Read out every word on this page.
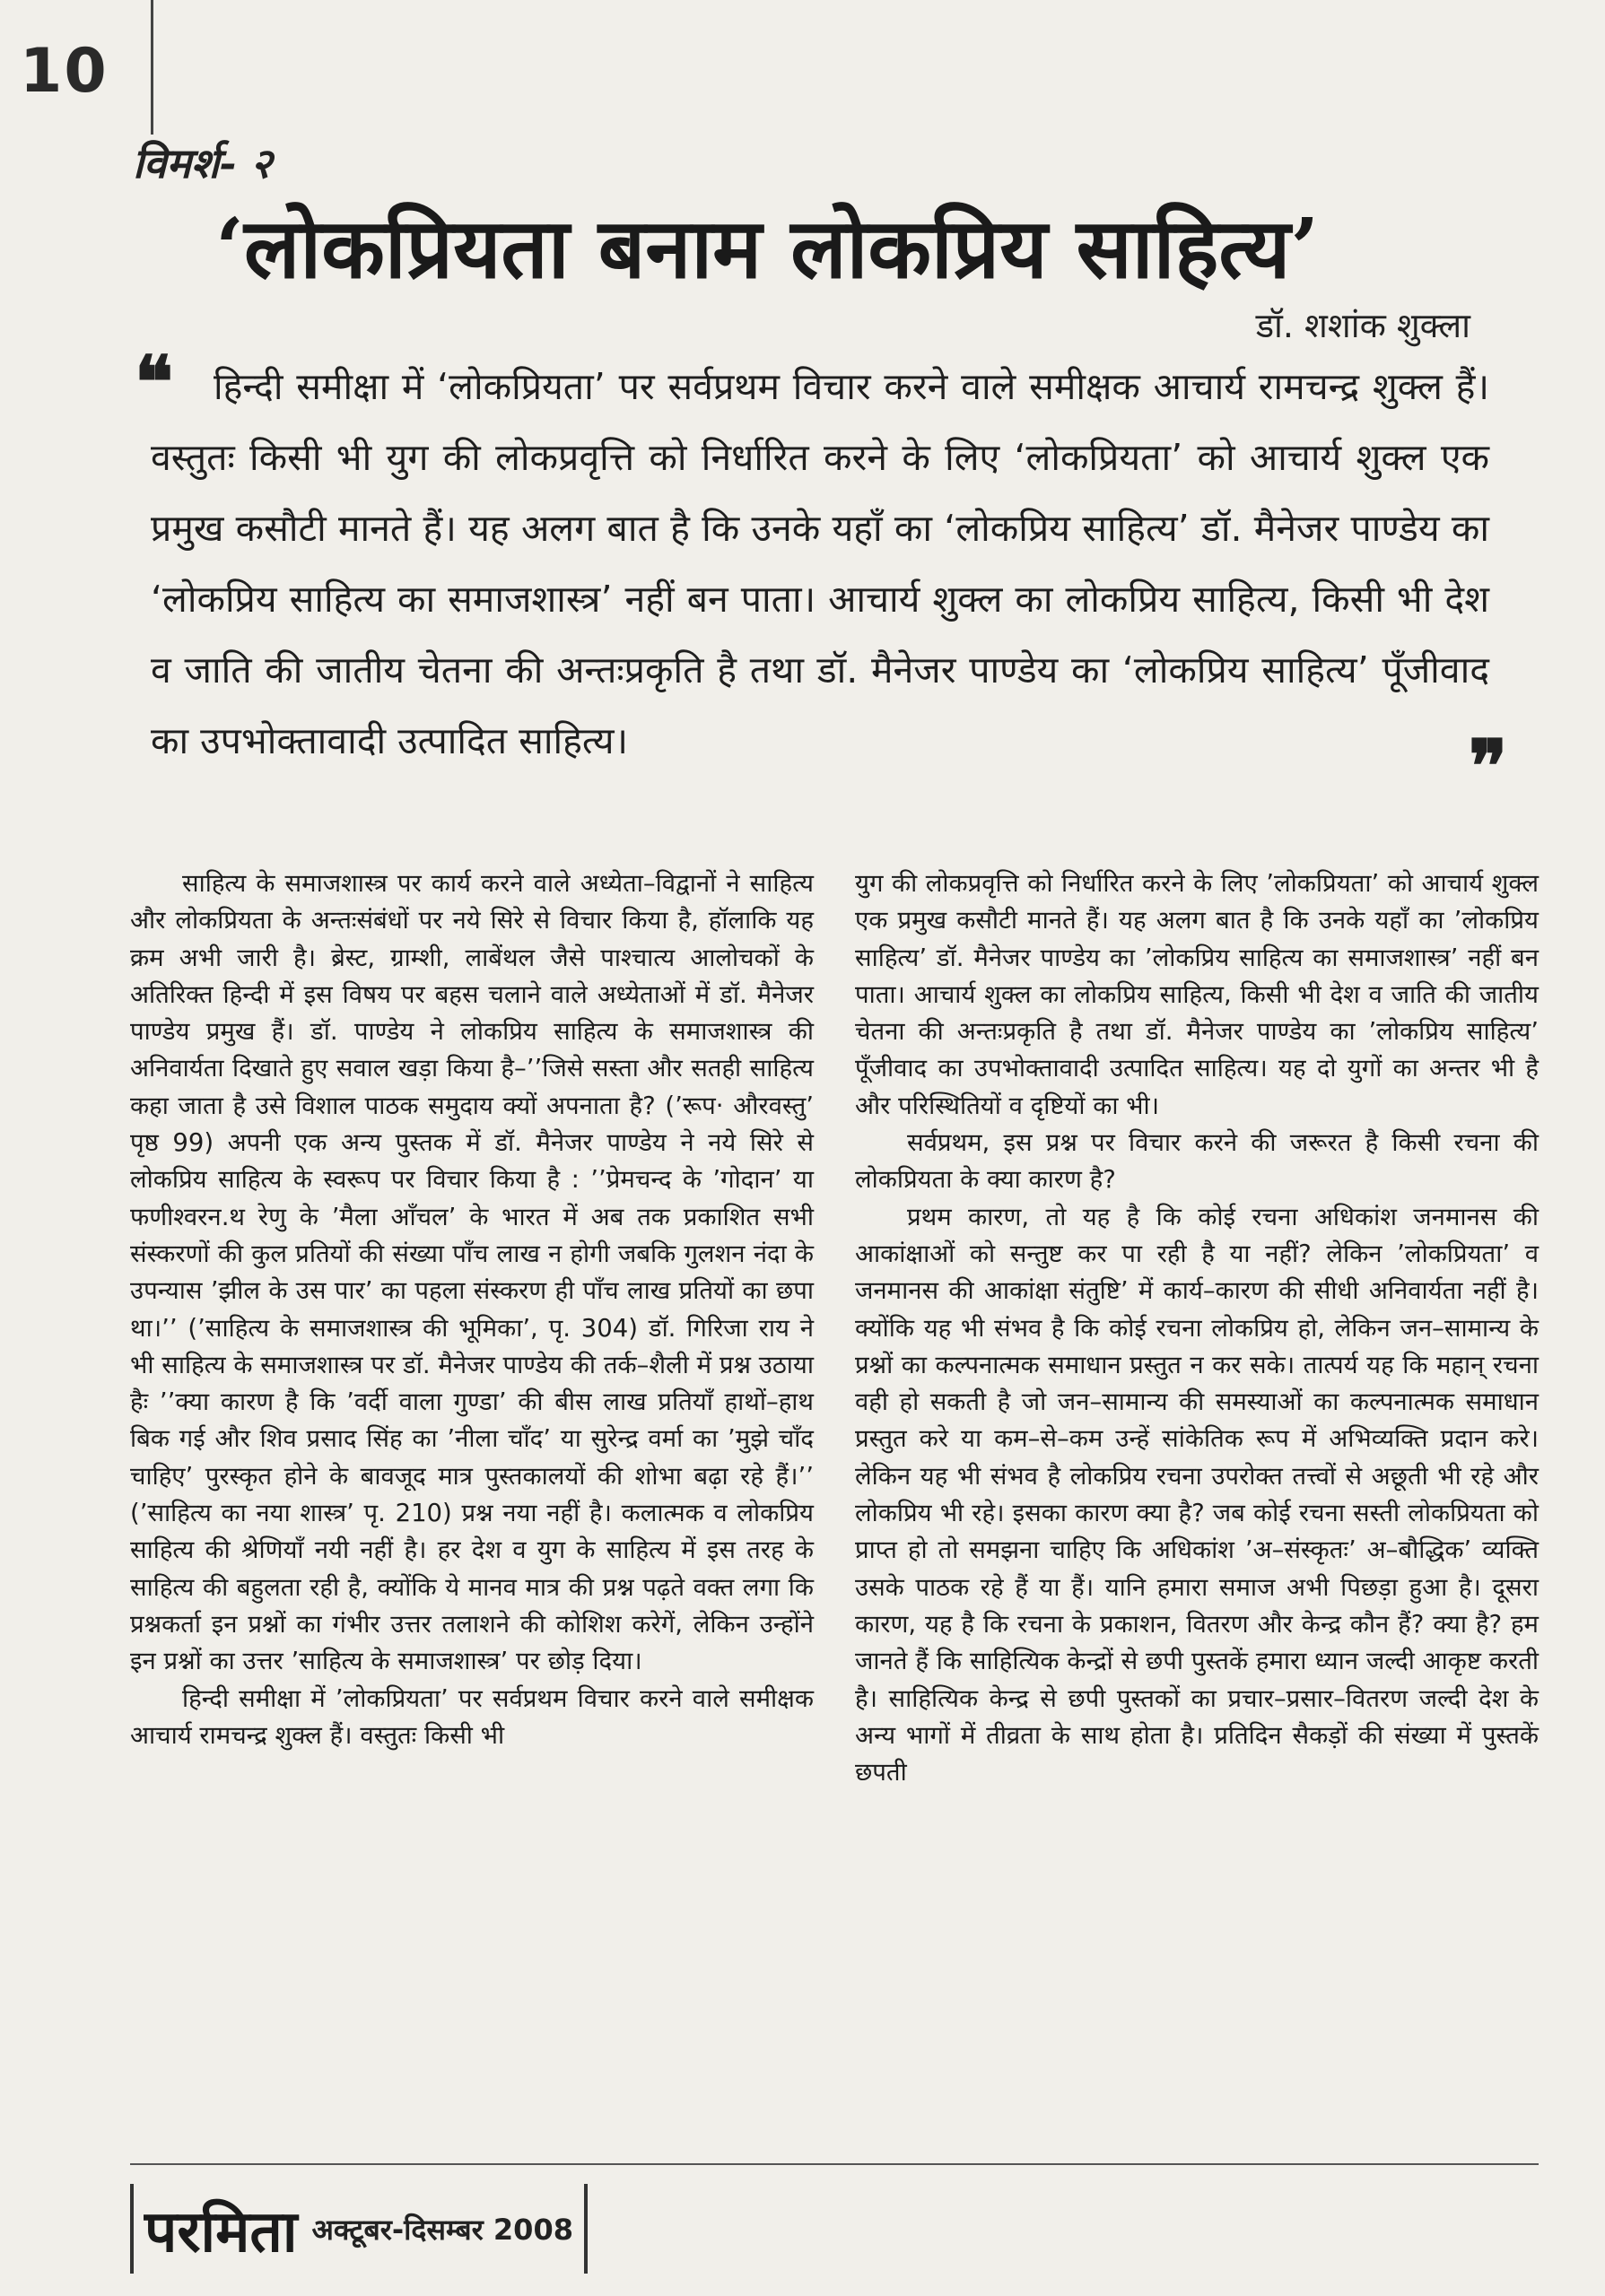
10
विमर्श- २
‘लोकप्रियता बनाम लोकप्रिय साहित्य’
डॉ. शशांक शुक्ला
❝	हिन्दी समीक्षा में ‘लोकप्रियता’ पर सर्वप्रथम विचार करने वाले समीक्षक आचार्य रामचन्द्र शुक्ल हैं। वस्तुतः किसी भी युग की लोकप्रवृत्ति को निर्धारित करने के लिए ‘लोकप्रियता’ को आचार्य शुक्ल एक प्रमुख कसौटी मानते हैं। यह अलग बात है कि उनके यहाँ का ‘लोकप्रिय साहित्य’ डॉ. मैनेजर पाण्डेय का ‘लोकप्रिय साहित्य का समाजशास्त्र’ नहीं बन पाता। आचार्य शुक्ल का लोकप्रिय साहित्य, किसी भी देश व जाति की जातीय चेतना की अन्तःप्रकृति है तथा डॉ. मैनेजर पाण्डेय का ‘लोकप्रिय साहित्य’ पूँजीवाद का उपभोक्तावादी उत्पादित साहित्य।	❞

साहित्य के समाजशास्त्र पर कार्य करने वाले अध्येता–विद्वानों ने साहित्य और लोकप्रियता के अन्तःसंबंधों पर नये सिरे से विचार किया है, हॉलाकि यह क्रम अभी जारी है। ब्रेस्ट, ग्राम्शी, लाबेंथल जैसे पाश्चात्य आलोचकों के अतिरिक्त हिन्दी में इस विषय पर बहस चलाने वाले अध्येताओं में डॉ. मैनेजर पाण्डेय प्रमुख हैं। डॉ. पाण्डेय ने लोकप्रिय साहित्य के समाजशास्त्र की अनिवार्यता दिखाते हुए सवाल खड़ा किया है–’’जिसे सस्ता और सतही साहित्य कहा जाता है उसे विशाल पाठक समुदाय क्यों अपनाता है? (’रूप· औरवस्तु’ पृष्ठ 99) अपनी एक अन्य पुस्तक में डॉ. मैनेजर पाण्डेय ने नये सिरे से लोकप्रिय साहित्य के स्वरूप पर विचार किया है : ’’प्रेमचन्द के ’गोदान’ या फणीश्वरन.थ रेणु के ’मैला आँचल’ के भारत में अब तक प्रकाशित सभी संस्करणों की कुल प्रतियों की संख्या पाँच लाख न होगी जबकि गुलशन नंदा के उपन्यास ’झील के उस पार’ का पहला संस्करण ही पाँच लाख प्रतियों का छपा था।’’ (’साहित्य के समाजशास्त्र की भूमिका’, पृ. 304) डॉ. गिरिजा राय ने भी साहित्य के समाजशास्त्र पर डॉ. मैनेजर पाण्डेय की तर्क–शैली में प्रश्न उठाया हैः ’’क्या कारण है कि ’वर्दी वाला गुण्डा’ की बीस लाख प्रतियाँ हाथों–हाथ बिक गई और शिव प्रसाद सिंह का ’नीला चाँद’ या सुरेन्द्र वर्मा का ’मुझे चाँद चाहिए’ पुरस्कृत होने के बावजूद मात्र पुस्तकालयों की शोभा बढ़ा रहे हैं।’’ (’साहित्य का नया शास्त्र’ पृ. 210) प्रश्न नया नहीं है। कलात्मक व लोकप्रिय साहित्य की श्रेणियाँ नयी नहीं है। हर देश व युग के साहित्य में इस तरह के साहित्य की बहुलता रही है, क्योंकि ये मानव मात्र की प्रश्न पढ़ते वक्त लगा कि प्रश्नकर्ता इन प्रश्नों का गंभीर उत्तर तलाशने की कोशिश करेगें, लेकिन उन्होंने इन प्रश्नों का उत्तर ’साहित्य के समाजशास्त्र’ पर छोड़ दिया।

हिन्दी समीक्षा में ’लोकप्रियता’ पर सर्वप्रथम विचार करने वाले समीक्षक आचार्य रामचन्द्र शुक्ल हैं। वस्तुतः किसी भी

युग की लोकप्रवृत्ति को निर्धारित करने के लिए ’लोकप्रियता’ को आचार्य शुक्ल एक प्रमुख कसौटी मानते हैं। यह अलग बात है कि उनके यहाँ का ’लोकप्रिय साहित्य’ डॉ. मैनेजर पाण्डेय का ’लोकप्रिय साहित्य का समाजशास्त्र’ नहीं बन पाता। आचार्य शुक्ल का लोकप्रिय साहित्य, किसी भी देश व जाति की जातीय चेतना की अन्तःप्रकृति है तथा डॉ. मैनेजर पाण्डेय का ’लोकप्रिय साहित्य’ पूँजीवाद का उपभोक्तावादी उत्पादित साहित्य। यह दो युगों का अन्तर भी है और परिस्थितियों व दृष्टियों का भी।

सर्वप्रथम, इस प्रश्न पर विचार करने की जरूरत है किसी रचना की लोकप्रियता के क्या कारण है?

प्रथम कारण, तो यह है कि कोई रचना अधिकांश जनमानस की आकांक्षाओं को सन्तुष्ट कर पा रही है या नहीं? लेकिन ’लोकप्रियता’ व जनमानस की आकांक्षा संतुष्टि’ में कार्य–कारण की सीधी अनिवार्यता नहीं है। क्योंकि यह भी संभव है कि कोई रचना लोकप्रिय हो, लेकिन जन–सामान्य के प्रश्नों का कल्पनात्मक समाधान प्रस्तुत न कर सके। तात्पर्य यह कि महान् रचना वही हो सकती है जो जन–सामान्य की समस्याओं का कल्पनात्मक समाधान प्रस्तुत करे या कम–से–कम उन्हें सांकेतिक रूप में अभिव्यक्ति प्रदान करे। लेकिन यह भी संभव है लोकप्रिय रचना उपरोक्त तत्त्वों से अछूती भी रहे और लोकप्रिय भी रहे। इसका कारण क्या है? जब कोई रचना सस्ती लोकप्रियता को प्राप्त हो तो समझना चाहिए कि अधिकांश ’अ–संस्कृतः’ अ–बौद्धिक’ व्यक्ति उसके पाठक रहे हैं या हैं। यानि हमारा समाज अभी पिछड़ा हुआ है। दूसरा कारण, यह है कि रचना के प्रकाशन, वितरण और केन्द्र कौन हैं? क्या है? हम जानते हैं कि साहित्यिक केन्द्रों से छपी पुस्तकें हमारा ध्यान जल्दी आकृष्ट करती है। साहित्यिक केन्द्र से छपी पुस्तकों का प्रचार–प्रसार–वितरण जल्दी देश के अन्य भागों में तीव्रता के साथ होता है। प्रतिदिन सैकड़ों की संख्या में पुस्तकें छपती

परमिता अक्टूबर-दिसम्बर 2008
